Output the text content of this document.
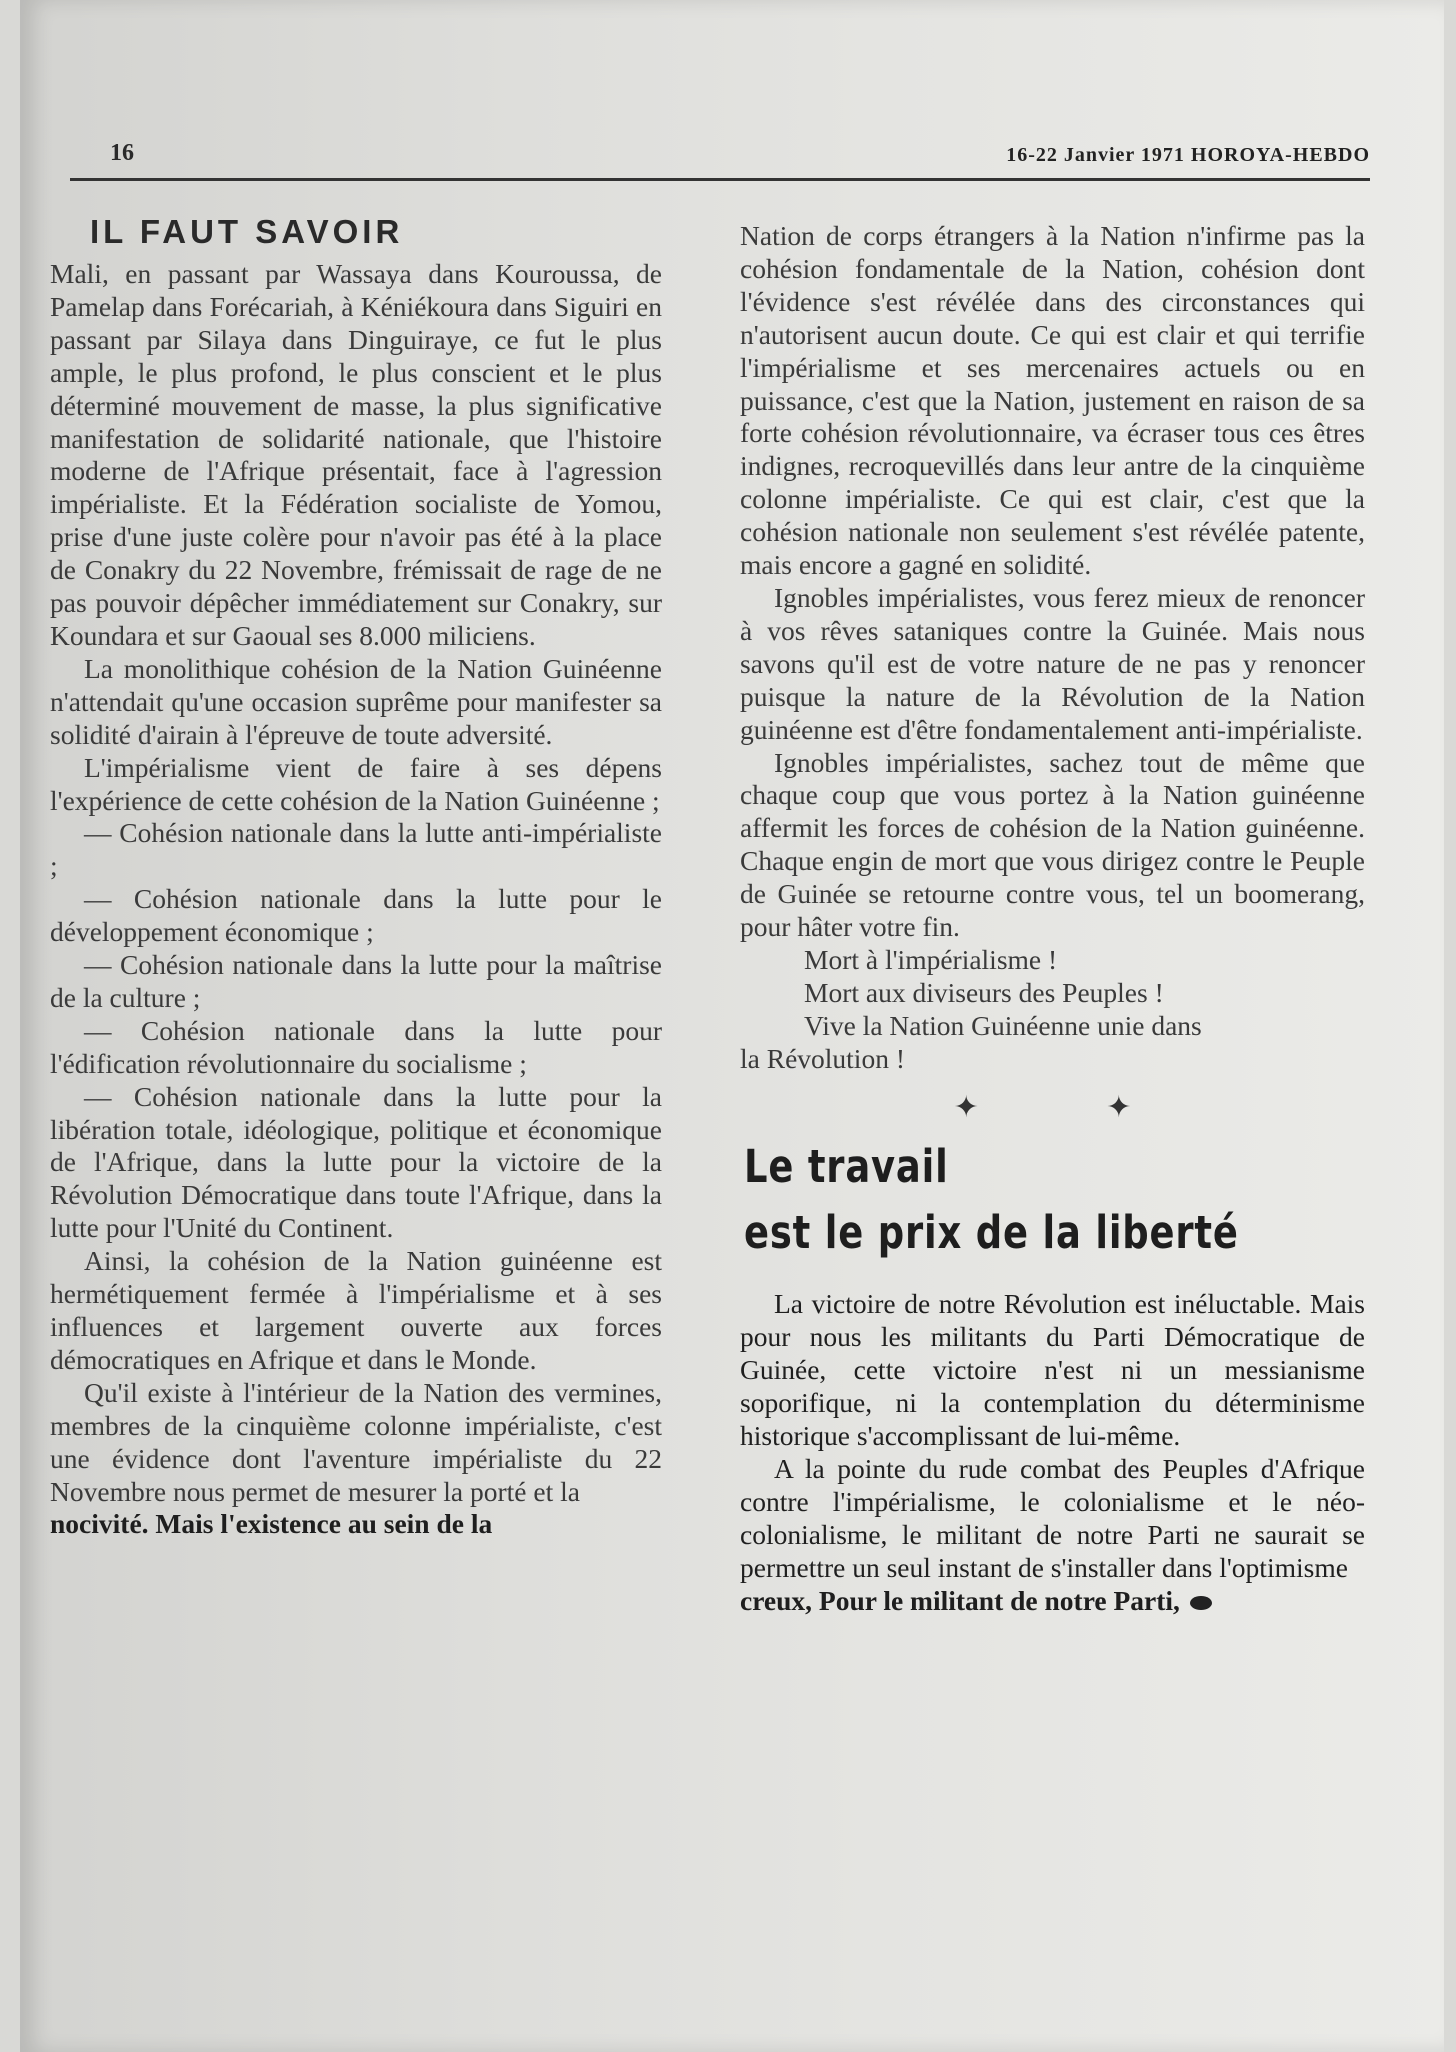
16	16-22 Janvier 1971 HOROYA-HEBDO
IL FAUT SAVOIR

Mali, en passant par Wassaya dans Kouroussa, de Pamelap dans Forécariah, à Kéniékoura dans Siguiri en passant par Silaya dans Dinguiraye, ce fut le plus ample, le plus profond, le plus conscient et le plus déterminé mouvement de masse, la plus significative manifestation de solidarité nationale, que l'histoire moderne de l'Afrique présentait, face à l'agression impérialiste. Et la Fédération socialiste de Yomou, prise d'une juste colère pour n'avoir pas été à la place de Conakry du 22 Novembre, frémissait de rage de ne pas pouvoir dépêcher immédiatement sur Conakry, sur Koundara et sur Gaoual ses 8.000 miliciens.

La monolithique cohésion de la Nation Guinéenne n'attendait qu'une occasion suprême pour manifester sa solidité d'airain à l'épreuve de toute adversité.

L'impérialisme vient de faire à ses dépens l'expérience de cette cohésion de la Nation Guinéenne ;

— Cohésion nationale dans la lutte anti-impérialiste ;

— Cohésion nationale dans la lutte pour le développement économique ;

— Cohésion nationale dans la lutte pour la maîtrise de la culture ;

— Cohésion nationale dans la lutte pour l'édification révolutionnaire du socialisme ;

— Cohésion nationale dans la lutte pour la libération totale, idéologique, politique et économique de l'Afrique, dans la lutte pour la victoire de la Révolution Démocratique dans toute l'Afrique, dans la lutte pour l'Unité du Continent.

Ainsi, la cohésion de la Nation guinéenne est hermétiquement fermée à l'impérialisme et à ses influences et largement ouverte aux forces démocratiques en Afrique et dans le Monde.

Qu'il existe à l'intérieur de la Nation des vermines, membres de la cinquième colonne impérialiste, c'est une évidence dont l'aventure impérialiste du 22 Novembre nous permet de mesurer la porté et la

nocivité. Mais l'existence au sein de la

Nation de corps étrangers à la Nation n'infirme pas la cohésion fondamentale de la Nation, cohésion dont l'évidence s'est révélée dans des circonstances qui n'autorisent aucun doute. Ce qui est clair et qui terrifie l'impérialisme et ses mercenaires actuels ou en puissance, c'est que la Nation, justement en raison de sa forte cohésion révolutionnaire, va écraser tous ces êtres indignes, recroquevillés dans leur antre de la cinquième colonne impérialiste. Ce qui est clair, c'est que la cohésion nationale non seulement s'est révélée patente, mais encore a gagné en solidité.

Ignobles impérialistes, vous ferez mieux de renoncer à vos rêves sataniques contre la Guinée. Mais nous savons qu'il est de votre nature de ne pas y renoncer puisque la nature de la Révolution de la Nation guinéenne est d'être fondamentalement anti-impérialiste.

Ignobles impérialistes, sachez tout de même que chaque coup que vous portez à la Nation guinéenne affermit les forces de cohésion de la Nation guinéenne. Chaque engin de mort que vous dirigez contre le Peuple de Guinée se retourne contre vous, tel un boomerang, pour hâter votre fin.

Mort à l'impérialisme !

Mort aux diviseurs des Peuples !

Vive la Nation Guinéenne unie dans

la Révolution !

✦ ✦
Le travail
est le prix de la liberté

La victoire de notre Révolution est inéluctable. Mais pour nous les militants du Parti Démocratique de Guinée, cette victoire n'est ni un messianisme soporifique, ni la contemplation du déterminisme historique s'accomplissant de lui-même.

A la pointe du rude combat des Peuples d'Afrique contre l'impérialisme, le colonialisme et le néo-colonialisme, le militant de notre Parti ne saurait se permettre un seul instant de s'installer dans l'optimisme

creux, Pour le militant de notre Parti,
